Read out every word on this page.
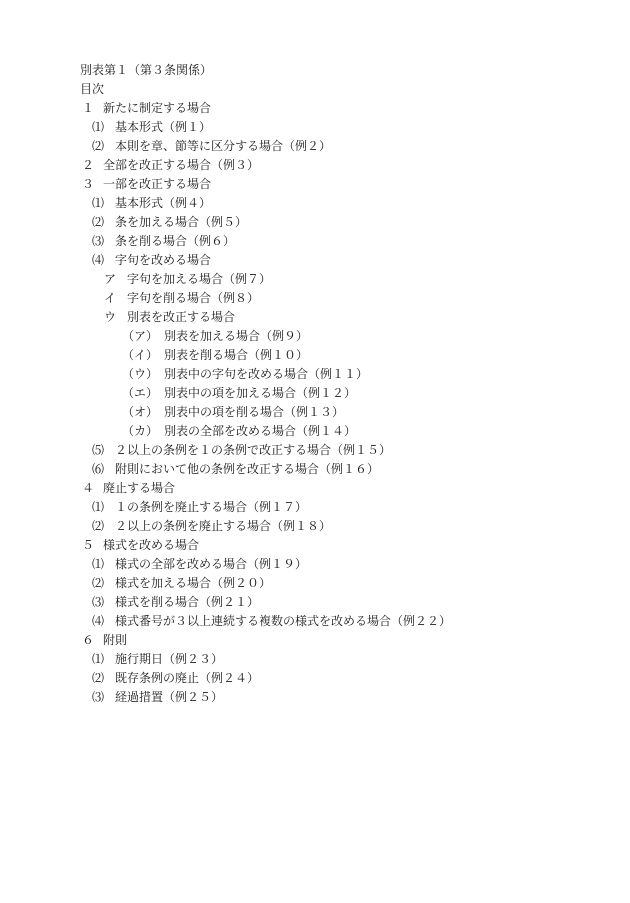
別表第１（第３条関係）
目次
１ 新たに制定する場合
⑴ 基本形式（例１）
⑵ 本則を章、節等に区分する場合（例２）
２ 全部を改正する場合（例３）
３ 一部を改正する場合
⑴ 基本形式（例４）
⑵ 条を加える場合（例５）
⑶ 条を削る場合（例６）
⑷ 字句を改める場合
ア 字句を加える場合（例７）
イ 字句を削る場合（例８）
ウ 別表を改正する場合
（ア） 別表を加える場合（例９）
（イ） 別表を削る場合（例１０）
（ウ） 別表中の字句を改める場合（例１１）
（エ） 別表中の項を加える場合（例１２）
（オ） 別表中の項を削る場合（例１３）
（カ） 別表の全部を改める場合（例１４）
⑸ ２以上の条例を１の条例で改正する場合（例１５）
⑹ 附則において他の条例を改正する場合（例１６）
４ 廃止する場合
⑴ １の条例を廃止する場合（例１７）
⑵ ２以上の条例を廃止する場合（例１８）
５ 様式を改める場合
⑴ 様式の全部を改める場合（例１９）
⑵ 様式を加える場合（例２０）
⑶ 様式を削る場合（例２１）
⑷ 様式番号が３以上連続する複数の様式を改める場合（例２２）
６ 附則
⑴ 施行期日（例２３）
⑵ 既存条例の廃止（例２４）
⑶ 経過措置（例２５）
